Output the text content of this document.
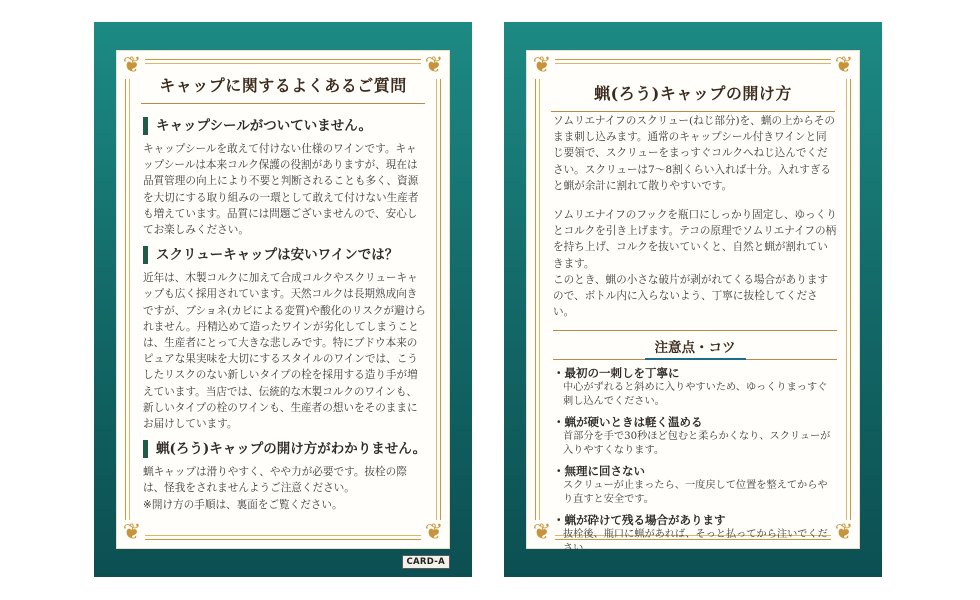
❦	❦
❦	❦
キャップに関するよくあるご質問
キャップシールがついていません。

キャップシールを敢えて付けない仕様のワインです。キャップシールは本来コルク保護の役割がありますが、現在は品質管理の向上により不要と判断されることも多く、資源を大切にする取り組みの一環として敢えて付けない生産者も増えています。品質には問題ございませんので、安心してお楽しみください。

スクリューキャップは安いワインでは？

近年は、木製コルクに加えて合成コルクやスクリューキャップも広く採用されています。天然コルクは長期熟成向きですが、ブショネ(カビによる変質)や酸化のリスクが避けられません。丹精込めて造ったワインが劣化してしまうことは、生産者にとって大きな悲しみです。特にブドウ本来のピュアな果実味を大切にするスタイルのワインでは、こうしたリスクのない新しいタイプの栓を採用する造り手が増えています。当店では、伝統的な木製コルクのワインも、新しいタイプの栓のワインも、生産者の想いをそのままにお届けしています。

蝋(ろう)キャップの開け方がわかりません。

蝋キャップは滑りやすく、やや力が必要です。抜栓の際は、怪我をされませんようご注意ください。
※開け方の手順は、裏面をご覧ください。

CARD-A
❦	❦
❦	❦
蝋(ろう)キャップの開け方

ソムリエナイフのスクリュー(ねじ部分)を、蝋の上からそのまま刺し込みます。通常のキャップシール付きワインと同じ要領で、スクリューをまっすぐコルクへねじ込んでください。スクリューは7〜8割くらい入れば十分。入れすぎると蝋が余計に割れて散りやすいです。

ソムリエナイフのフックを瓶口にしっかり固定し、ゆっくりとコルクを引き上げます。テコの原理でソムリエナイフの柄を持ち上げ、コルクを抜いていくと、自然と蝋が割れていきます。
このとき、蝋の小さな破片が剥がれてくる場合がありますので、ボトル内に入らないよう、丁寧に抜栓してください。

注意点・コツ
・最初の一刺しを丁寧に
中心がずれると斜めに入りやすいため、ゆっくりまっすぐ刺し込んでください。
・蝋が硬いときは軽く温める
首部分を手で30秒ほど包むと柔らかくなり、スクリューが入りやすくなります。
・無理に回さない
スクリューが止まったら、一度戻して位置を整えてからやり直すと安全です。
・蝋が砕けて残る場合があります
抜栓後、瓶口に蝋があれば、そっと払ってから注いでください。
